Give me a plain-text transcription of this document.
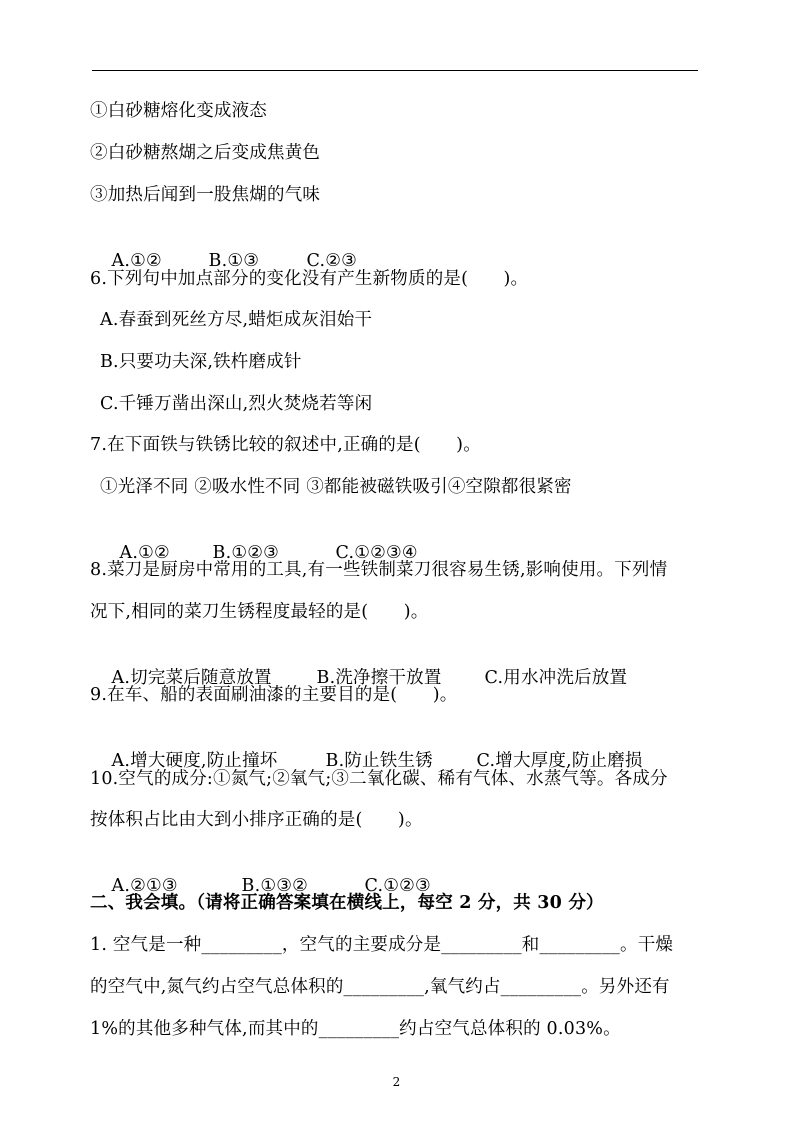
①白砂糖熔化变成液态
②白砂糖熬煳之后变成焦黄色
③加热后闻到一股焦煳的气味

A.①②	B.①③	C.②③

6.下列句中加点部分的变化没有产生新物质的是(　　)。
A.春蚕到死丝方尽,蜡炬成灰泪始干
B.只要功夫深,铁杵磨成针
C.千锤万凿出深山,烈火焚烧若等闲
7.在下面铁与铁锈比较的叙述中,正确的是(　　)。
①光泽不同 ②吸水性不同 ③都能被磁铁吸引④空隙都很紧密

A.①② B.①②③	C.①②③④

8.菜刀是厨房中常用的工具,有一些铁制菜刀很容易生锈,影响使用。下列情
况下,相同的菜刀生锈程度最轻的是(　　)。

A.切完菜后随意放置	B.洗净擦干放置 C.用水冲洗后放置

9.在车、船的表面刷油漆的主要目的是(　　)。

A.增大硬度,防止撞坏	B.防止铁生锈 C.增大厚度,防止磨损

10.空气的成分:①氮气;②氧气;③二氧化碳、稀有气体、水蒸气等。各成分
按体积占比由大到小排序正确的是(　　)。

A.②①③	B.①③②	C.①②③

二、我会填。（请将正确答案填在横线上，每空 2 分，共 30 分）
1. 空气是一种_________，空气的主要成分是_________和_________。干燥
的空气中,氮气约占空气总体积的_________,氧气约占_________。另外还有
1%的其他多种气体,而其中的_________约占空气总体积的 0.03%。
2
